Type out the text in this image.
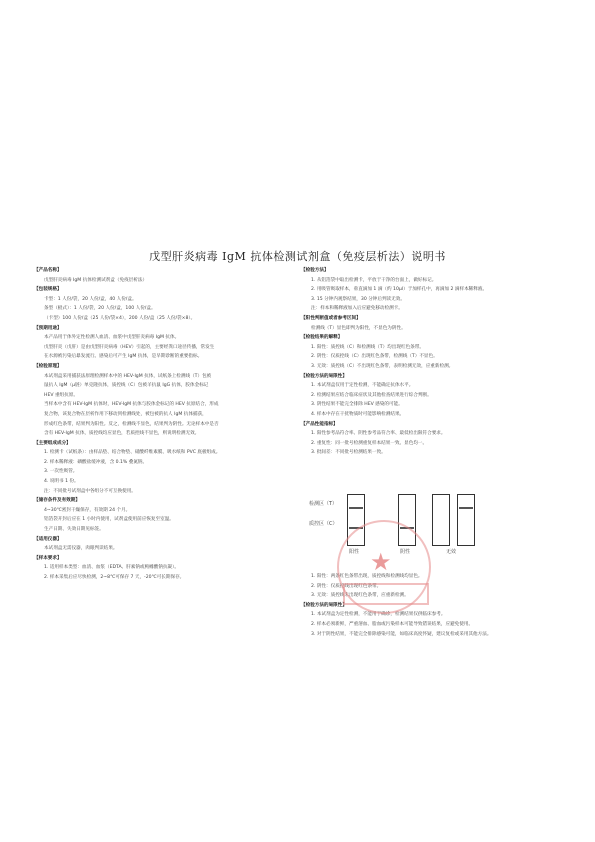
戊型肝炎病毒 IgM 抗体检测试剂盒（免疫层析法）说明书
【产品名称】
戊型肝炎病毒 IgM 抗体检测试剂盒（免疫层析法）
【包装规格】
卡型：1 人份/袋，20 人份/盒，40 人份/盒。
条型（板式）：1 人份/袋，20 人份/盒，100 人份/盒。
（卡型）100 人份/盒（25 人份/袋×4），200 人份/盒（25 人份/袋×8）。
【预期用途】
本产品用于体外定性检测人血清、血浆中戊型肝炎病毒 IgM 抗体。
戊型肝炎（戊肝）是由戊型肝炎病毒（HEV）引起的，主要经粪口途径传播，常发生
在水源被污染后暴发流行。感染后可产生 IgM 抗体，是早期诊断的重要指标。
【检验原理】
本试剂盒采用捕获法原理检测样本中的 HEV-IgM 抗体，试纸条上检测线（T）包被
鼠抗人 IgM（μ链）单克隆抗体，质控线（C）包被羊抗鼠 IgG 抗体，胶体金标记
HEV 重组抗原。
当样本中含有 HEV-IgM 抗体时，HEV-IgM 抗体与胶体金标记的 HEV 抗原结合，形成
复合物，该复合物在层析作用下移动到检测线处，被包被的抗人 IgM 抗体捕获，
形成红色条带，结果判为阳性。反之，检测线不显色，结果判为阴性。无论样本中是否
含有 HEV-IgM 抗体，质控线均应显色，若质控线不显色，则说明检测无效。
【主要组成成分】
1. 检测卡（试纸条）：由样品垫、结合物垫、硝酸纤维素膜、吸水纸和 PVC 底板组成。
2. 样本稀释液：磷酸盐缓冲液，含 0.1% 叠氮钠。
3. 一次性吸管。
4. 说明书 1 份。
注：不同批号试剂盒中各组分不可互换使用。
【储存条件及有效期】
4~30℃密封干燥保存，有效期 24 个月。
铝箔袋开封后应在 1 小时内使用，试剂盒使用前应恢复至室温。
生产日期、失效日期见标签。
【适用仪器】
本试剂盒无需仪器，肉眼判读结果。
【样本要求】
1. 适用样本类型：血清、血浆（EDTA、肝素钠或枸橼酸钠抗凝）。
2. 样本采集后应尽快检测，2~8℃可保存 7 天，-20℃可长期保存。
【检验方法】
1. 从铝箔袋中取出检测卡，平放于干净的台面上，做好标记。
2. 用吸管吸取样本，垂直滴加 1 滴（约 10μl）于加样孔中，再滴加 2 滴样本稀释液。
3. 15 分钟内观察结果，30 分钟后判读无效。
注：样本和稀释液加入后应避免移动检测卡。
【阳性判断值或者参考区间】
检测线（T）显色即判为阳性，不显色为阴性。
【检验结果的解释】
1. 阳性：质控线（C）和检测线（T）均出现红色条带。
2. 阴性：仅质控线（C）出现红色条带，检测线（T）不显色。
3. 无效：质控线（C）不出现红色条带，表明检测无效，应重新检测。
【检验方法的局限性】
1. 本试剂盒仅用于定性检测，不能确定抗体水平。
2. 检测结果应结合临床症状及其他检查结果进行综合判断。
3. 阴性结果不能完全排除 HEV 感染的可能。
4. 样本中存在干扰物质时可能影响检测结果。
【产品性能指标】
1. 阳性参考品符合率、阴性参考品符合率、最低检出限符合要求。
2. 重复性：同一批号检测重复样本结果一致、显色均一。
3. 批间差：不同批号检测结果一致。
检测区（T）
质控区（C）
阳性	阴性	无效
1. 阳性：两条红色条带出现，质控线和检测线均显色。
2. 阴性：仅质控线出现红色条带。
3. 无效：质控线未出现红色条带，应重新检测。
【检验方法的局限性】
1. 本试剂盒为定性检测，不能用于确诊，检测结果仅供临床参考。
2. 样本必须新鲜，严重溶血、脂血或污染样本可能导致错误结果，应避免使用。
3. 对于阴性结果，不能完全排除感染可能，如临床高度怀疑，建议复检或采用其他方法。
★
